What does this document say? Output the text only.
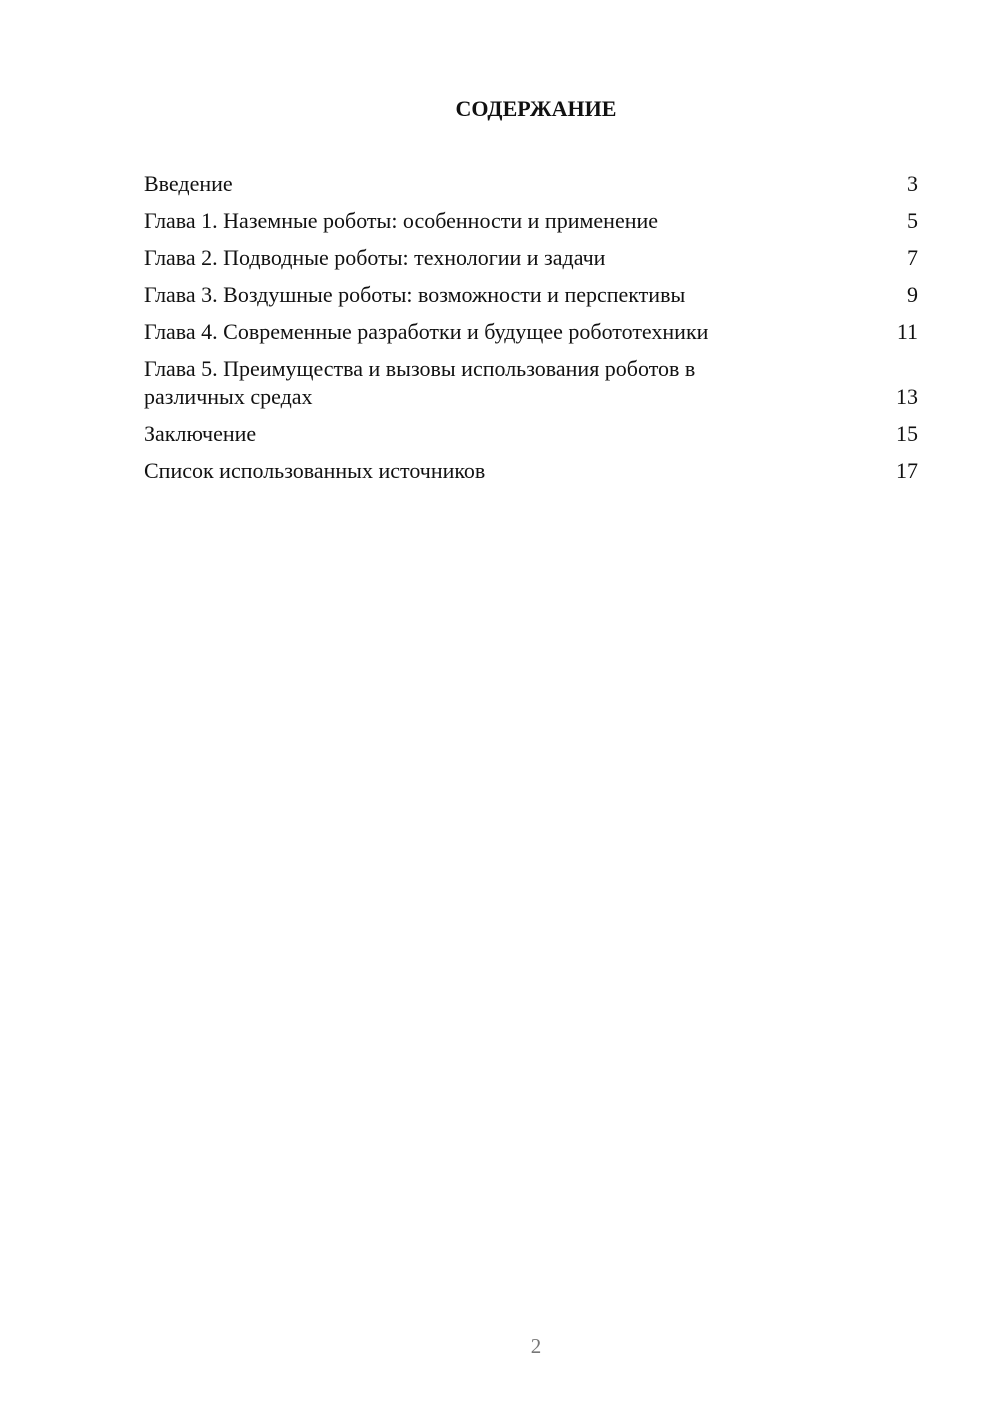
СОДЕРЖАНИЕ
Введение	3
Глава 1. Наземные роботы: особенности и применение	5
Глава 2. Подводные роботы: технологии и задачи	7
Глава 3. Воздушные роботы: возможности и перспективы	9
Глава 4. Современные разработки и будущее робототехники	11
Глава 5. Преимущества и вызовы использования роботов в различных средах	13
Заключение	15
Список использованных источников	17
2
